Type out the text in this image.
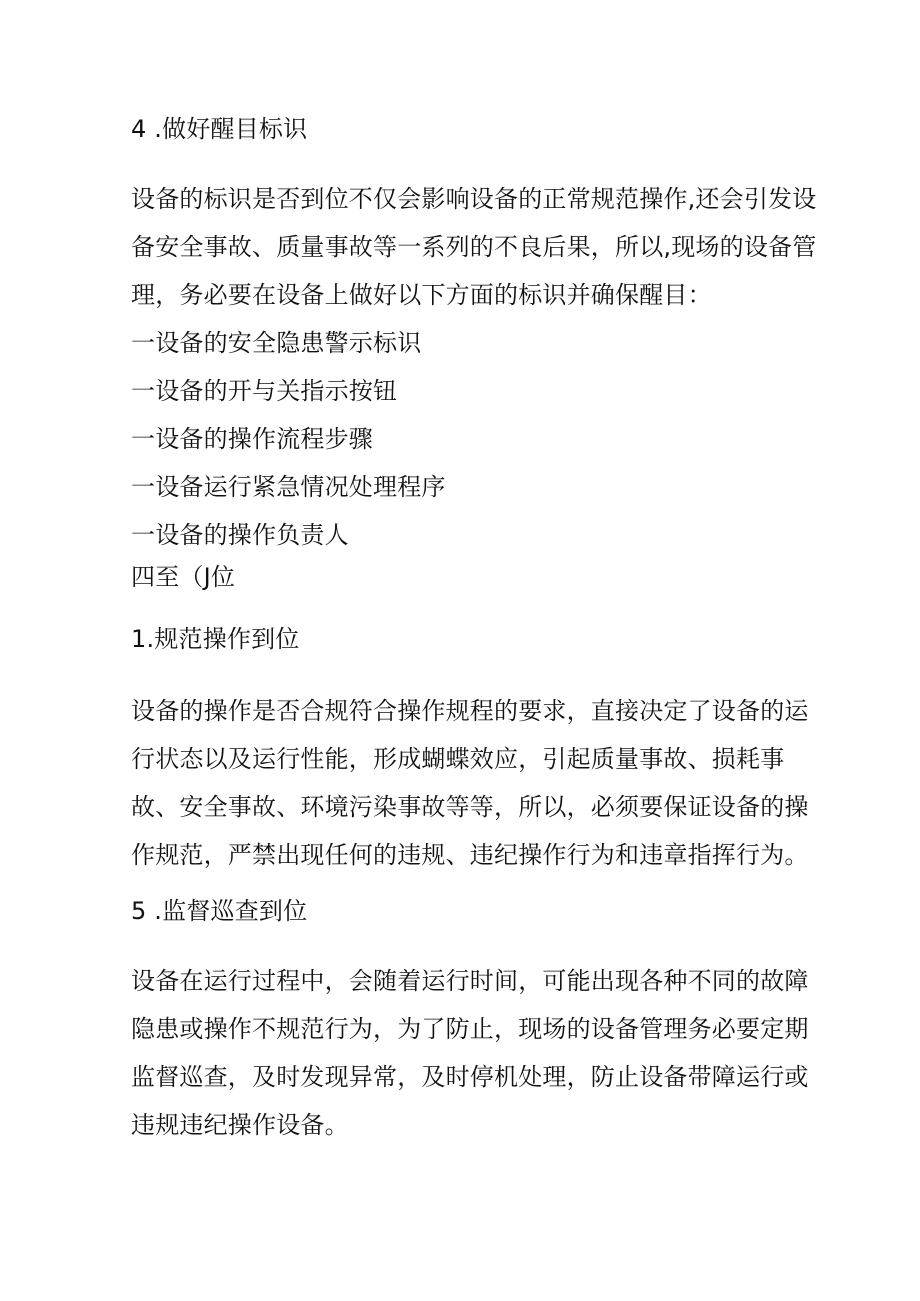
4 .做好醒目标识
设备的标识是否到位不仅会影响设备的正常规范操作,还会引发设
备安全事故、质量事故等一系列的不良后果，所以,现场的设备管
理，务必要在设备上做好以下方面的标识并确保醒目：
一设备的安全隐患警示标识
一设备的开与关指示按钮
一设备的操作流程步骤
一设备运行紧急情况处理程序
一设备的操作负责人
四至（J位
1.规范操作到位
设备的操作是否合规符合操作规程的要求，直接决定了设备的运
行状态以及运行性能，形成蝴蝶效应，引起质量事故、损耗事
故、安全事故、环境污染事故等等，所以，必须要保证设备的操
作规范，严禁出现任何的违规、违纪操作行为和违章指挥行为。
5 .监督巡查到位
设备在运行过程中，会随着运行时间，可能出现各种不同的故障
隐患或操作不规范行为，为了防止，现场的设备管理务必要定期
监督巡查，及时发现异常，及时停机处理，防止设备带障运行或
违规违纪操作设备。
